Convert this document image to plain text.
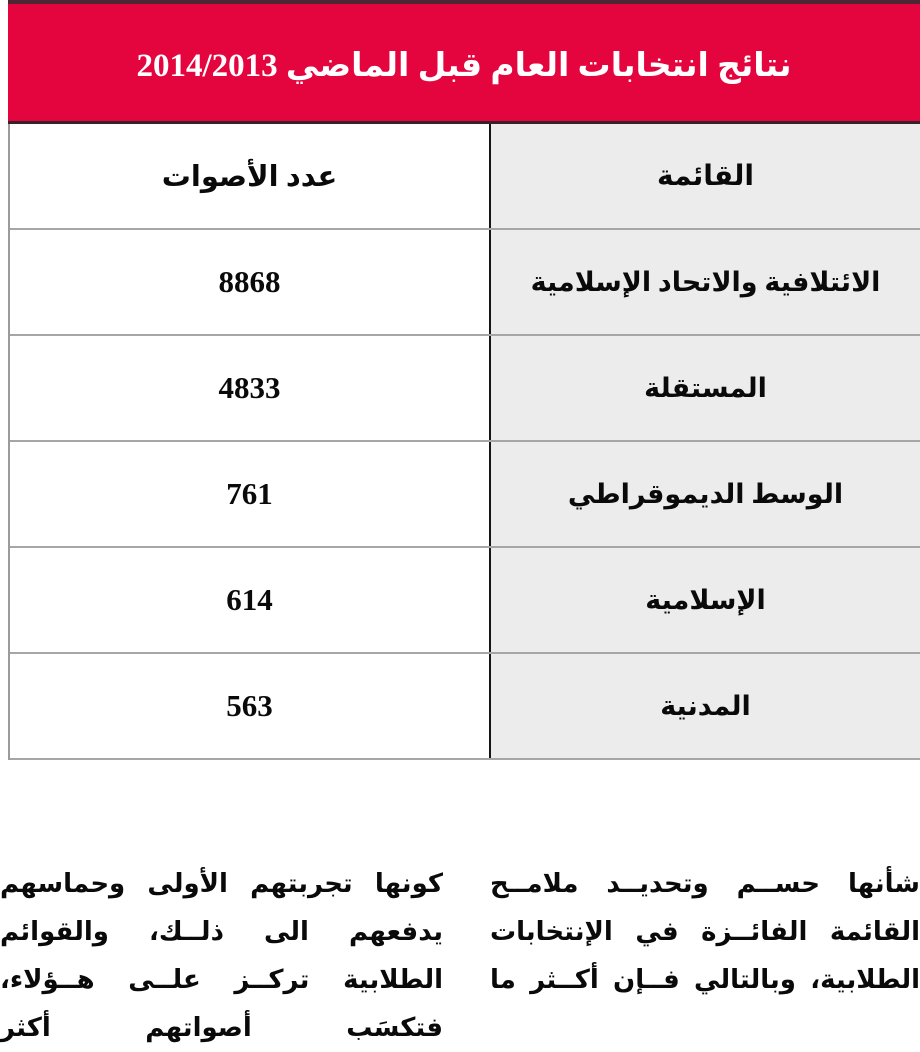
نتائج انتخابات العام قبل الماضي 2014/2013
عدد الأصوات	القائمة
8868	الائتلافية والاتحاد الإسلامية
4833	المستقلة
761	الوسط الديموقراطي
614	الإسلامية
563	المدنية
شأنها حســم وتحديــد ملامــح
القائمة الفائــزة في الإنتخابات
الطلابية، وبالتالي فــإن أكــثر ما
كونها تجربتهم الأولى وحماسهم
يدفعهم الى ذلــك، والقوائم
الطلابية تركــز علــى هــؤلاء،
فتكسَب أصواتهم أكثر
